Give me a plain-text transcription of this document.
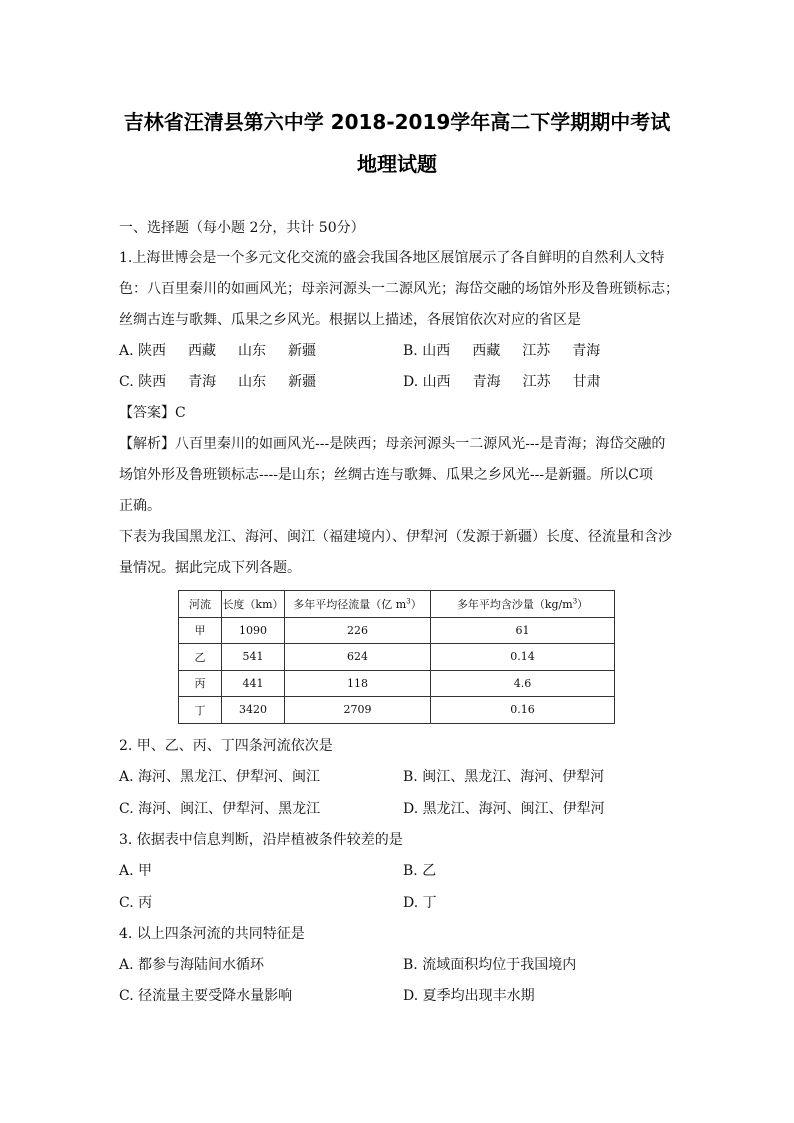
吉林省汪清县第六中学 2018-2019学年高二下学期期中考试
地理试题
一、选择题（每小题 2分，共计 50分）
1.上海世博会是一个多元文化交流的盛会我国各地区展馆展示了各自鲜明的自然利人文特
色：八百里秦川的如画风光；母亲河源头一二源风光；海岱交融的场馆外形及鲁班锁标志；
丝绸古连与歌舞、瓜果之乡风光。根据以上描述，各展馆依次对应的省区是
A. 陕西 西藏 山东 新疆	B. 山西 西藏 江苏 青海
C. 陕西 青海 山东 新疆	D. 山西 青海 江苏 甘肃
【答案】C
【解析】八百里秦川的如画风光---是陕西；母亲河源头一二源风光---是青海；海岱交融的
场馆外形及鲁班锁标志----是山东；丝绸古连与歌舞、瓜果之乡风光---是新疆。所以C项
正确。
下表为我国黑龙江、海河、闽江（福建境内）、伊犁河（发源于新疆）长度、径流量和含沙
量情况。据此完成下列各题。
河流	长度（km）	多年平均径流量（亿 $m^3$）	多年平均含沙量$(kg/m^3)$
甲	1090	226	61
乙	541	624	0.14
丙	441	118	4.6
丁	3420	2709	0.16
2. 甲、乙、丙、丁四条河流依次是
A. 海河、黑龙江、伊犁河、闽江	B. 闽江、黑龙江、海河、伊犁河
C. 海河、闽江、伊犁河、黑龙江	D. 黑龙江、海河、闽江、伊犁河
3. 依据表中信息判断，沿岸植被条件较差的是
A. 甲	B. 乙
C. 丙	D. 丁
4. 以上四条河流的共同特征是
A. 都参与海陆间水循环	B. 流域面积均位于我国境内
C. 径流量主要受降水量影响	D. 夏季均出现丰水期
